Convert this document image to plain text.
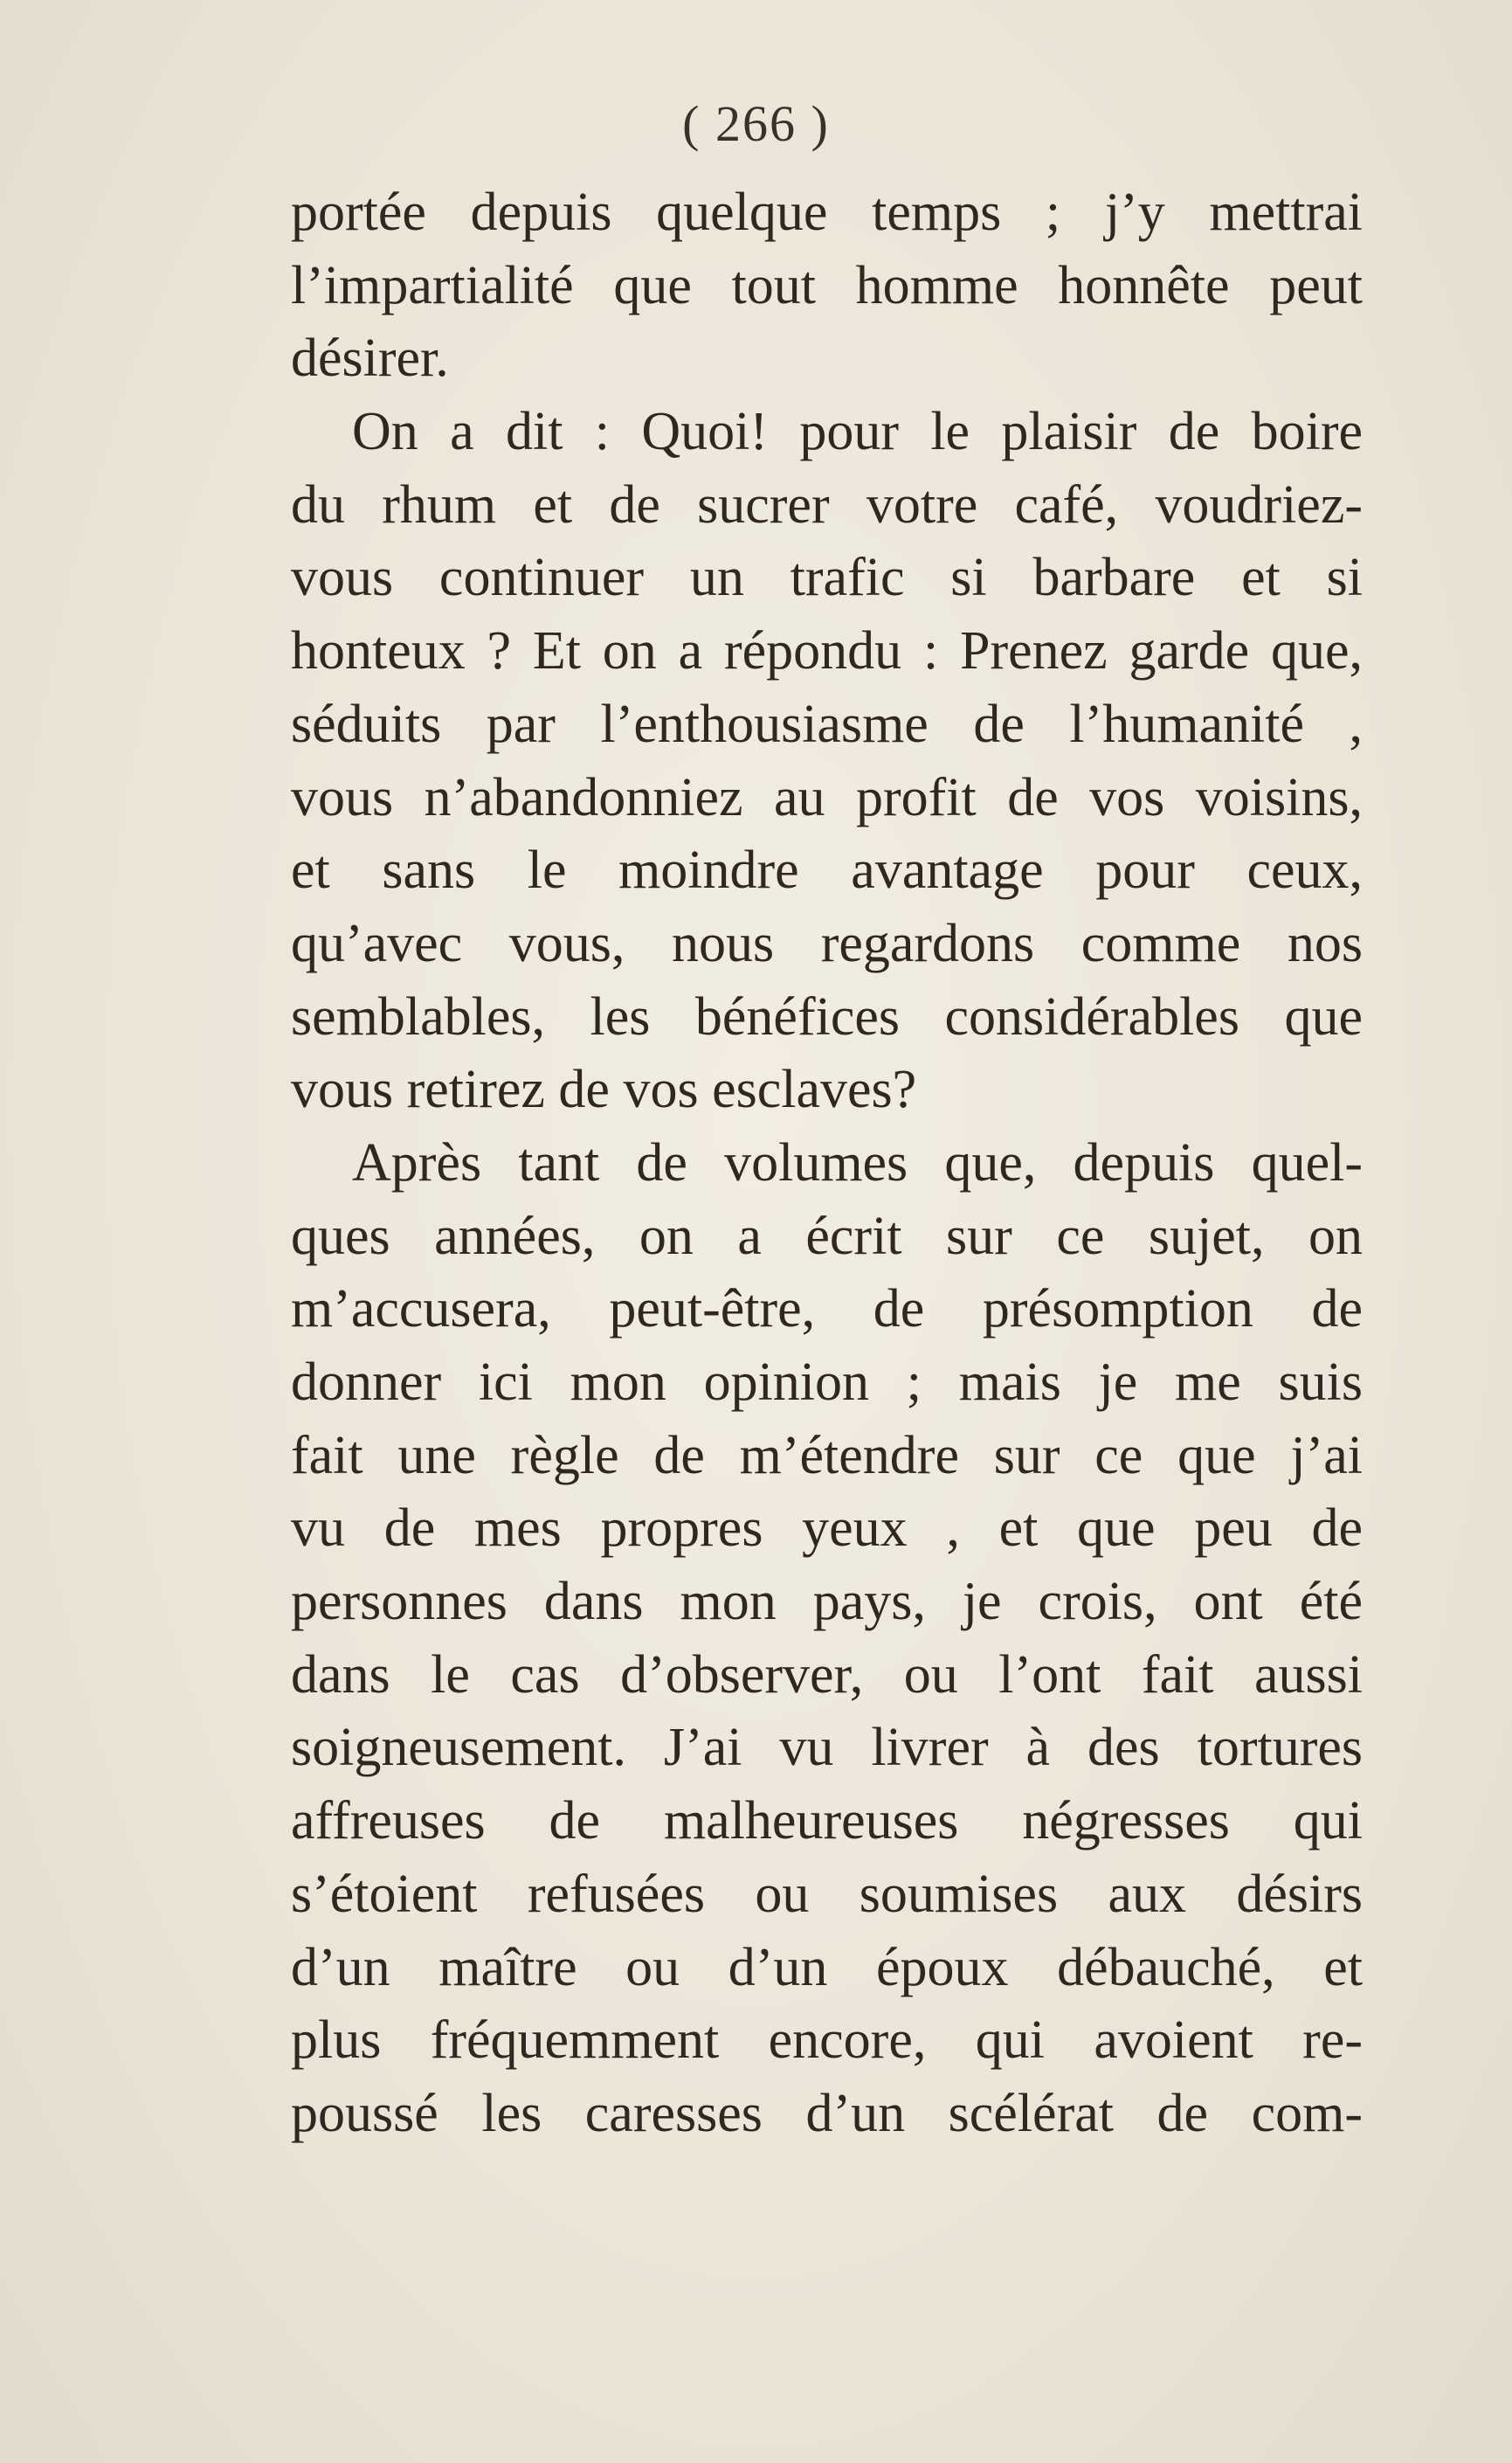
( 266 )
portée depuis quelque temps ; j’y mettrai
l’impartialité que tout homme honnête peut
désirer.
On a dit : Quoi! pour le plaisir de boire
du rhum et de sucrer votre café, voudriez-
vous continuer un trafic si barbare et si
honteux ? Et on a répondu : Prenez garde que,
séduits par l’enthousiasme de l’humanité ,
vous n’abandonniez au profit de vos voisins,
et sans le moindre avantage pour ceux,
qu’avec vous, nous regardons comme nos
semblables, les bénéfices considérables que
vous retirez de vos esclaves?
Après tant de volumes que, depuis quel-
ques années, on a écrit sur ce sujet, on
m’accusera, peut-être, de présomption de
donner ici mon opinion ; mais je me suis
fait une règle de m’étendre sur ce que j’ai
vu de mes propres yeux , et que peu de
personnes dans mon pays, je crois, ont été
dans le cas d’observer, ou l’ont fait aussi
soigneusement. J’ai vu livrer à des tortures
affreuses de malheureuses négresses qui
s’étoient refusées ou soumises aux désirs
d’un maître ou d’un époux débauché, et
plus fréquemment encore, qui avoient re-
poussé les caresses d’un scélérat de com-
